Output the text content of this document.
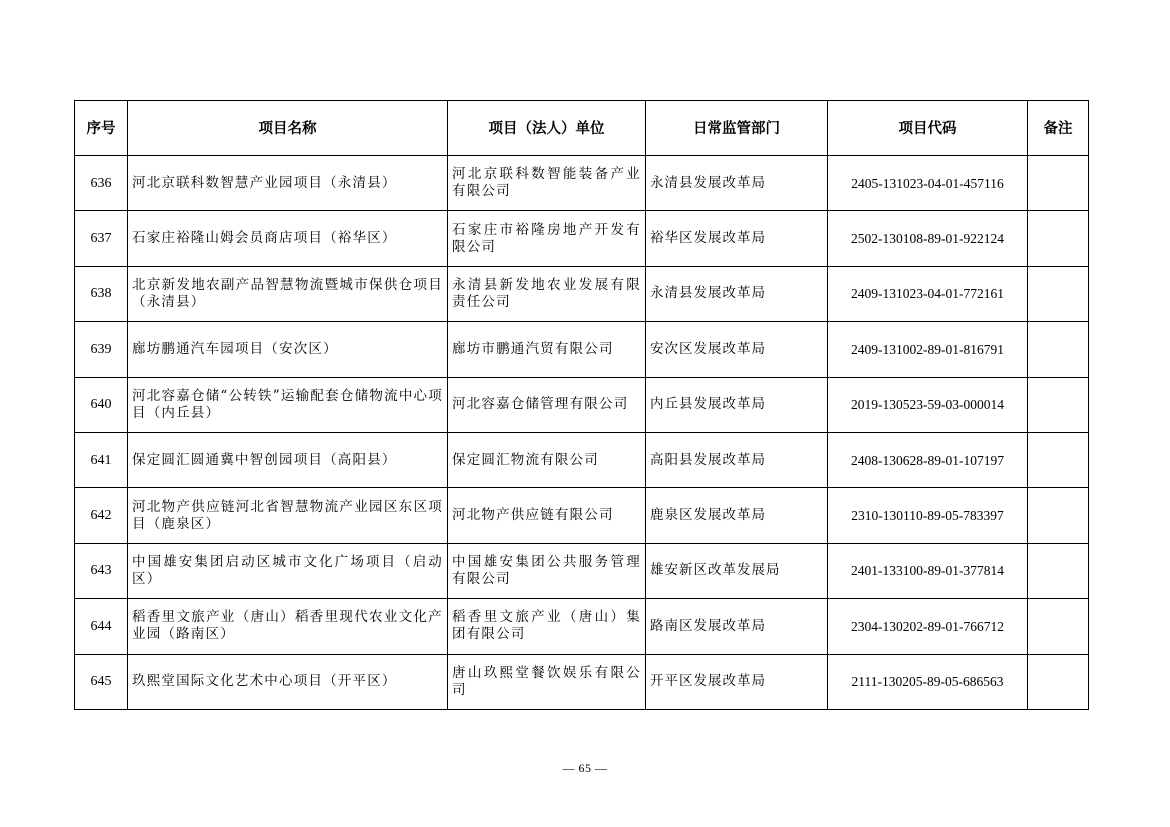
序号	项目名称	项目（法人）单位	日常监管部门	项目代码	备注
636	河北京联科数智慧产业园项目（永清县）	河北京联科数智能装备产业有限公司	永清县发展改革局	2405-131023-04-01-457116	
637	石家庄裕隆山姆会员商店项目（裕华区）	石家庄市裕隆房地产开发有限公司	裕华区发展改革局	2502-130108-89-01-922124	
638	北京新发地农副产品智慧物流暨城市保供仓项目（永清县）	永清县新发地农业发展有限责任公司	永清县发展改革局	2409-131023-04-01-772161	
639	廊坊鹏通汽车园项目（安次区）	廊坊市鹏通汽贸有限公司	安次区发展改革局	2409-131002-89-01-816791	
640	河北容嘉仓储“公转铁”运输配套仓储物流中心项目（内丘县）	河北容嘉仓储管理有限公司	内丘县发展改革局	2019-130523-59-03-000014	
641	保定圆汇圆通冀中智创园项目（高阳县）	保定圆汇物流有限公司	高阳县发展改革局	2408-130628-89-01-107197	
642	河北物产供应链河北省智慧物流产业园区东区项目（鹿泉区）	河北物产供应链有限公司	鹿泉区发展改革局	2310-130110-89-05-783397	
643	中国雄安集团启动区城市文化广场项目（启动区）	中国雄安集团公共服务管理有限公司	雄安新区改革发展局	2401-133100-89-01-377814	
644	稻香里文旅产业（唐山）稻香里现代农业文化产业园（路南区）	稻香里文旅产业（唐山）集团有限公司	路南区发展改革局	2304-130202-89-01-766712	
645	玖熙堂国际文化艺术中心项目（开平区）	唐山玖熙堂餐饮娱乐有限公司	开平区发展改革局	2111-130205-89-05-686563	
— 65 —
